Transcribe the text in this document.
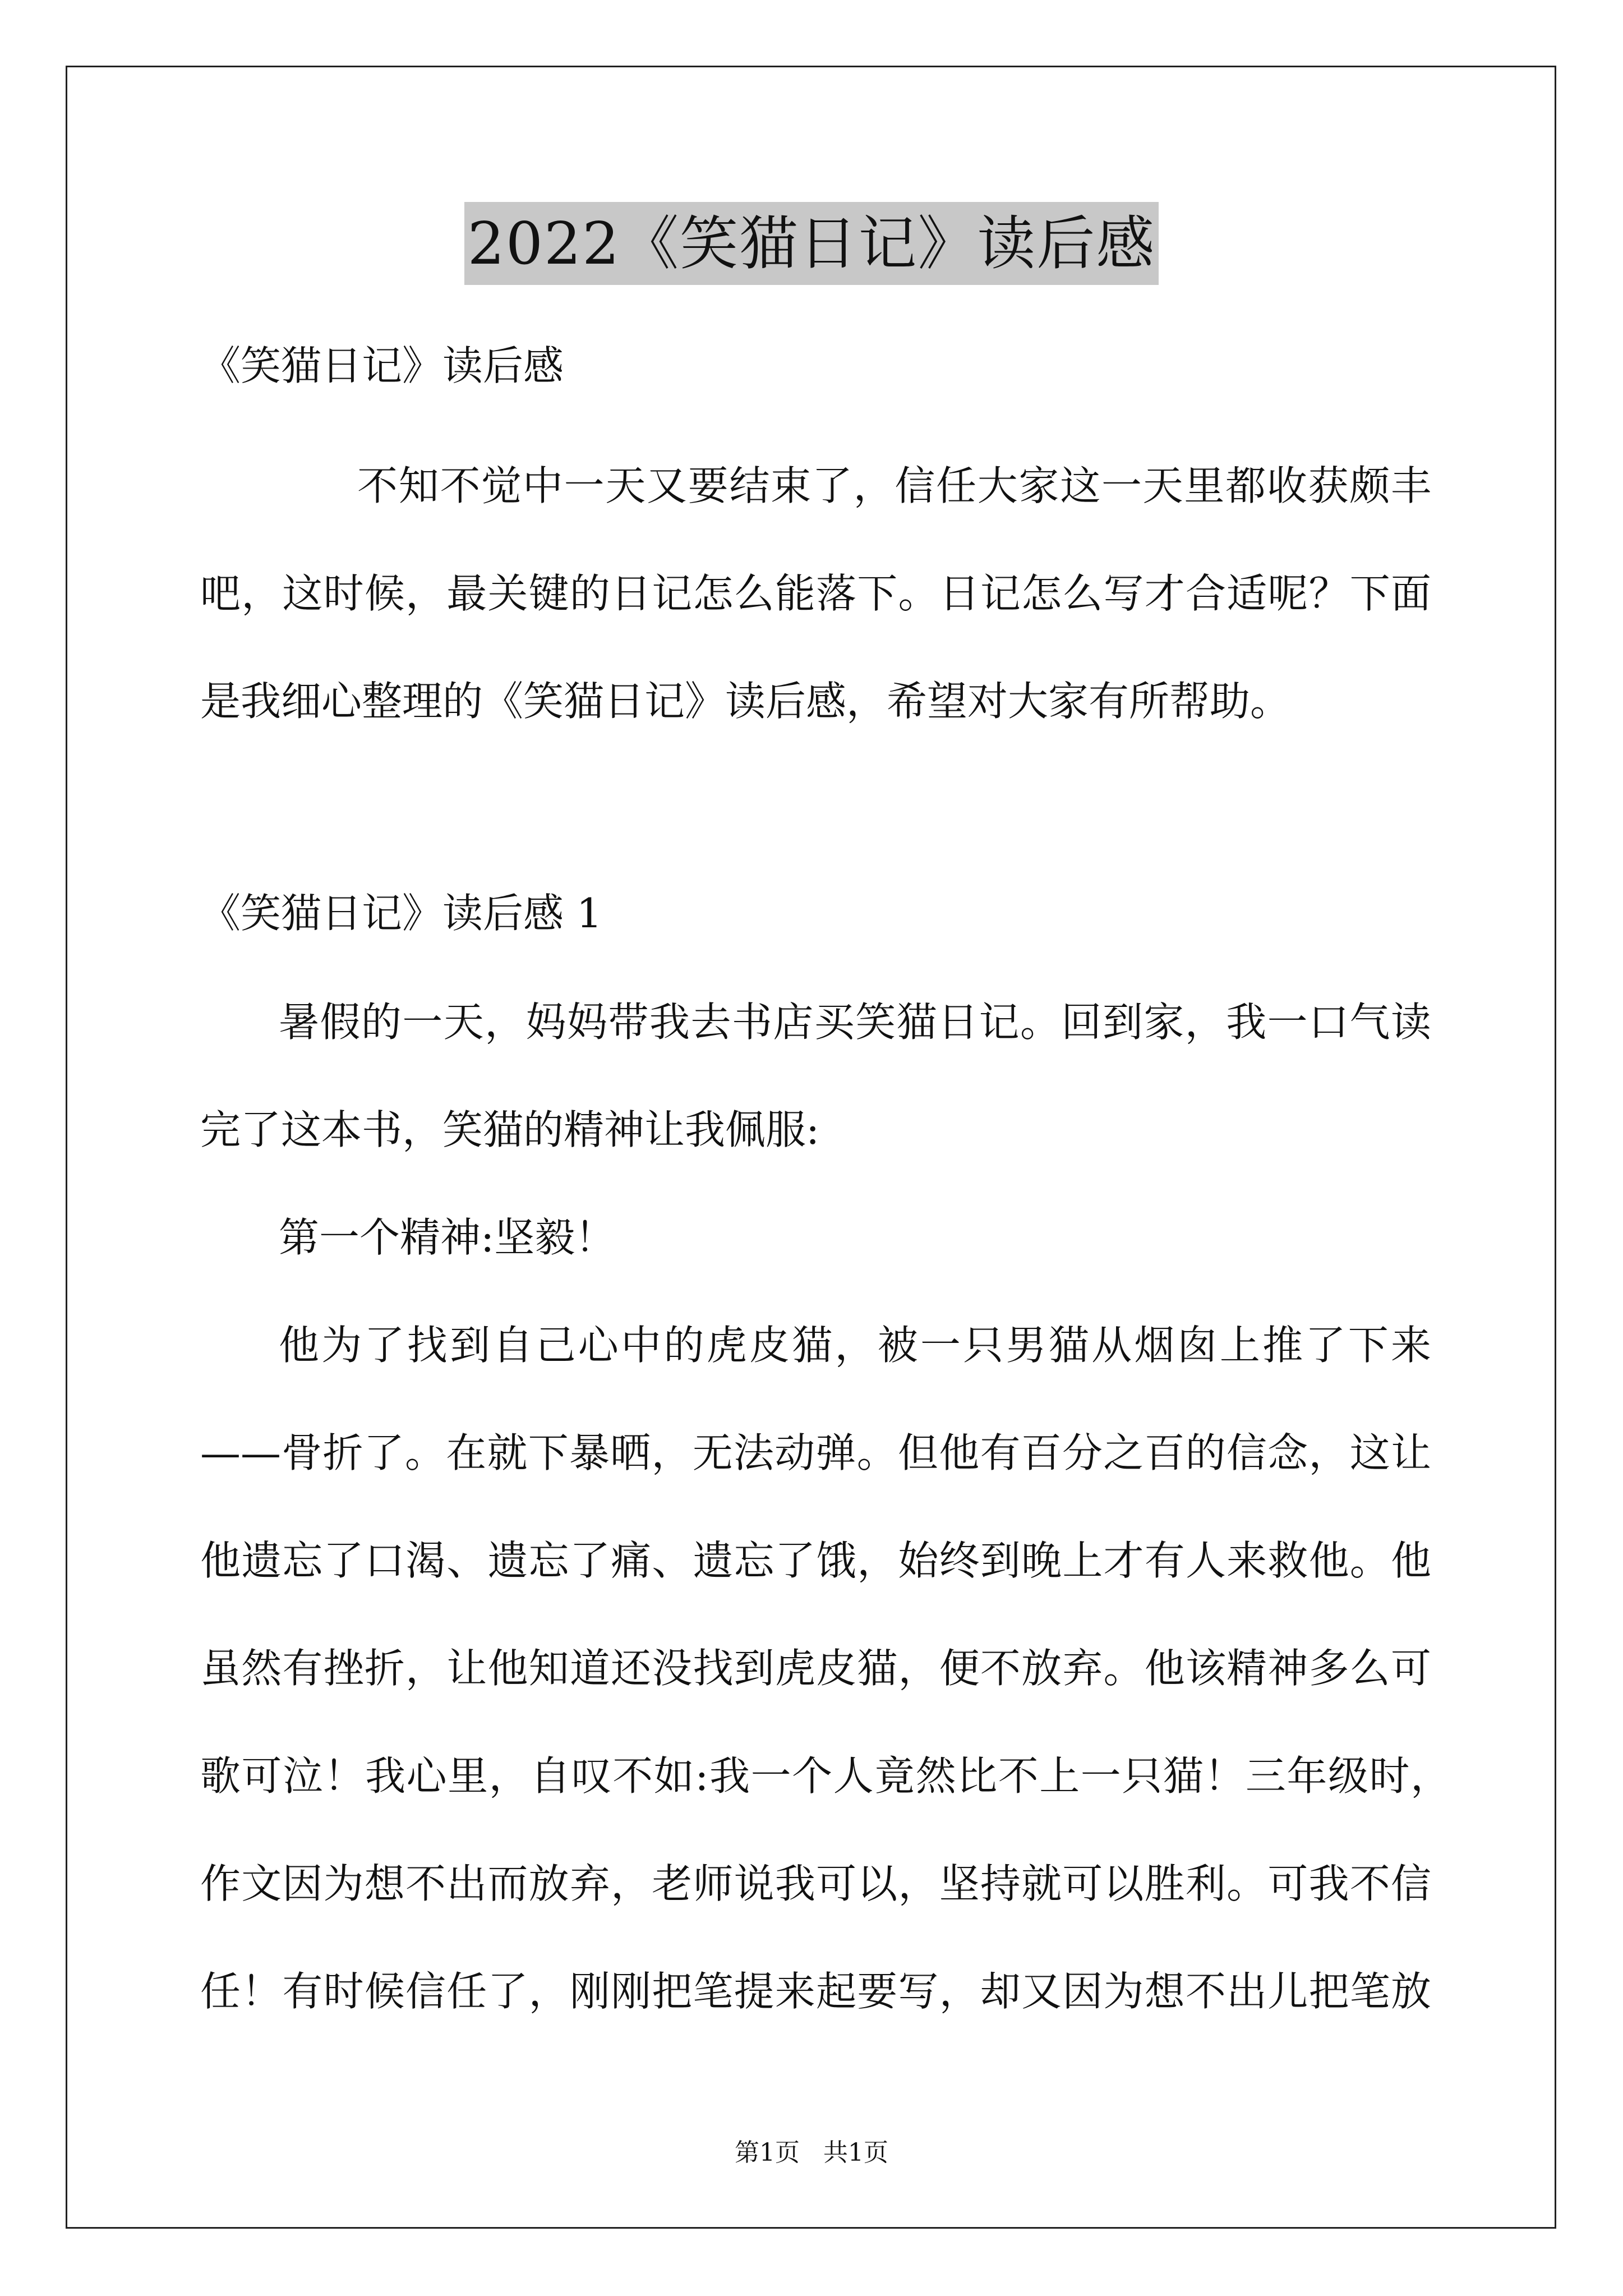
2022《笑猫日记》读后感
《笑猫日记》读后感
不知不觉中一天又要结束了，信任大家这一天里都收获颇丰
吧，这时候，最关键的日记怎么能落下。日记怎么写才合适呢？下面
是我细心整理的《笑猫日记》读后感，希望对大家有所帮助。
《笑猫日记》读后感 1
暑假的一天，妈妈带我去书店买笑猫日记。回到家，我一口气读
完了这本书，笑猫的精神让我佩服:
第一个精神:坚毅！
他为了找到自己心中的虎皮猫，被一只男猫从烟囱上推了下来
——骨折了。在就下暴晒，无法动弹。但他有百分之百的信念，这让
他遗忘了口渴、遗忘了痛、遗忘了饿，始终到晚上才有人来救他。他
虽然有挫折，让他知道还没找到虎皮猫，便不放弃。他该精神多么可
歌可泣！我心里，自叹不如:我一个人竟然比不上一只猫！三年级时，
作文因为想不出而放弃，老师说我可以，坚持就可以胜利。可我不信
任！有时候信任了，刚刚把笔提来起要写，却又因为想不出儿把笔放
第1页   共1页
